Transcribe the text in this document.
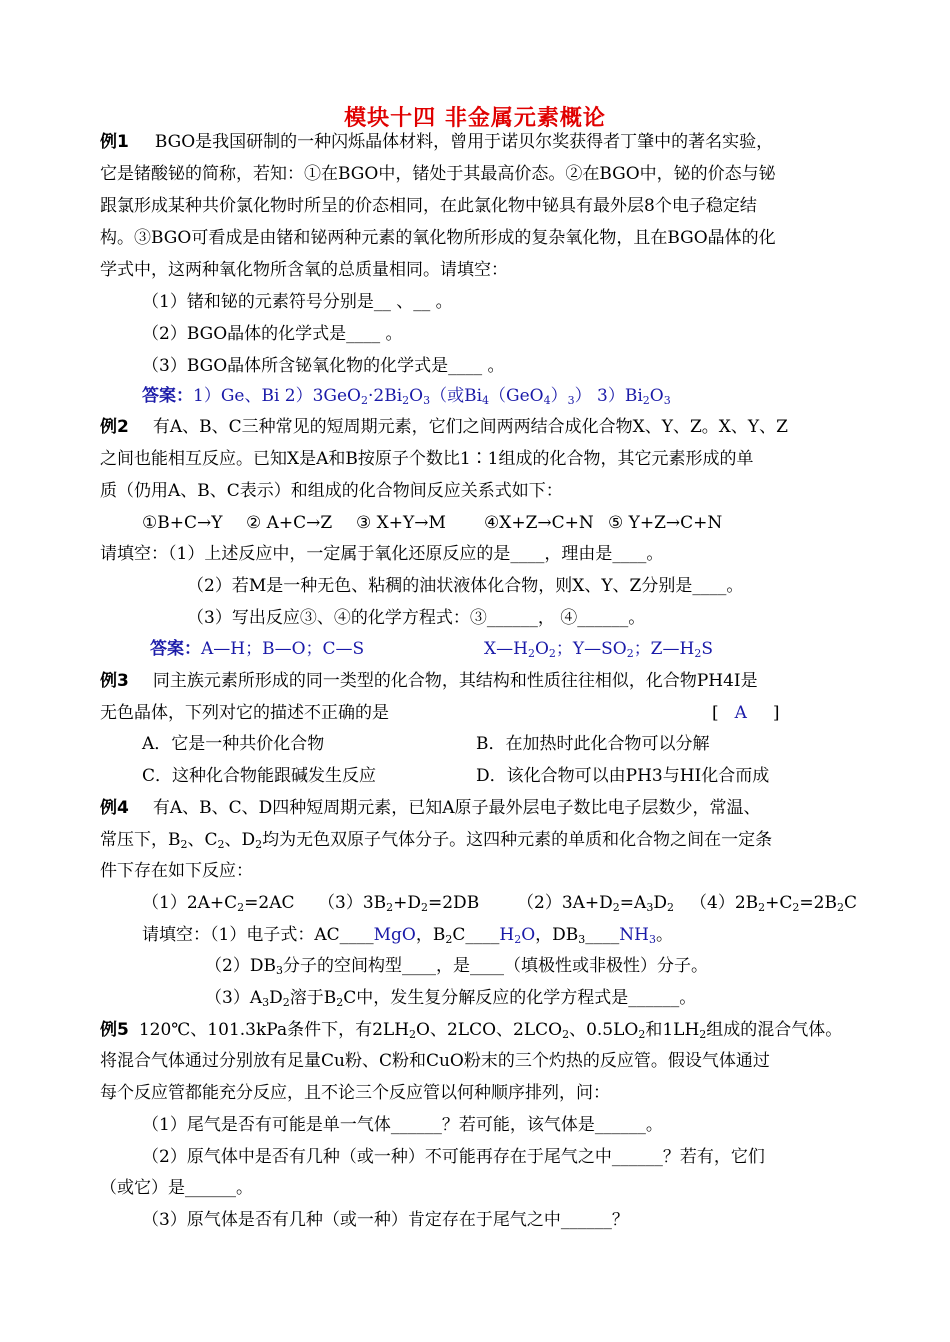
模块十四 非金属元素概论
例1 BGO是我国研制的一种闪烁晶体材料，曾用于诺贝尔奖获得者丁肇中的著名实验，
它是锗酸铋的简称，若知：①在BGO中，锗处于其最高价态。②在BGO中，铋的价态与铋
跟氯形成某种共价氯化物时所呈的价态相同，在此氯化物中铋具有最外层8个电子稳定结
构。③BGO可看成是由锗和铋两种元素的氧化物所形成的复杂氧化物，且在BGO晶体的化
学式中，这两种氧化物所含氧的总质量相同。请填空：
（1）锗和铋的元素符号分别是__ 、__ 。
（2）BGO晶体的化学式是____ 。
（3）BGO晶体所含铋氧化物的化学式是____ 。
答案：1）Ge、Bi $2)3GeO_2\cdot 2Bi_2O_3$（或$Bi_4(GeO_4)_3$） $3)Bi_2O_3$
例2 有A、B、C三种常见的短周期元素，它们之间两两结合成化合物X、Y、Z。X、Y、Z
之间也能相互反应。已知X是A和B按原子个数比1∶1组成的化合物，其它元素形成的单
质（仍用A、B、C表示）和组成的化合物间反应关系式如下：
①B+C→Y ② A+C→Z ③ X+Y→M ④X+Z→C+N ⑤ Y+Z→C+N
请填空：（1）上述反应中，一定属于氧化还原反应的是____，理由是____。
（2）若M是一种无色、粘稠的油状液体化合物，则X、Y、Z分别是____。
（3）写出反应③、④的化学方程式：③______， ④______。
答案：A—H；B—O；C—S	$X—H_2O_2$；$Y—SO_2$；$Z—H_2S$
例3 同主族元素所形成的同一类型的化合物，其结构和性质往往相似，化合物PH4I是
无色晶体，下列对它的描述不正确的是	[ A ]
A．它是一种共价化合物	B．在加热时此化合物可以分解
C．这种化合物能跟碱发生反应	D．该化合物可以由PH3与HI化合而成
例4 有A、B、C、D四种短周期元素，已知A原子最外层电子数比电子层数少，常温、
常压下，$B_2$、$C_2$、$D_2$均为无色双原子气体分子。这四种元素的单质和化合物之间在一定条
件下存在如下反应：
$(1)2A+C_2=2AC$ $(3)3B_2+D_2=2DB$ $(2)3A+D_2=A_3D_2$ $(4)2B_2+C_2=2B_2C$
请填空：（1）电子式：AC____MgO，$B_2C\_\_\_\_H_2O$，$DB_3\_\_\_\_NH_3$。
$(2)DB_3$分子的空间构型____，是____（填极性或非极性）分子。
$(3)A_3D_2$溶于$B_2C$中，发生复分解反应的化学方程式是______。
例5 120℃、101.3kPa条件下，有$2LH_2O$、2LCO、$2LCO_2$、$0.5LO_2$和$1LH_2$组成的混合气体。
将混合气体通过分别放有足量Cu粉、C粉和CuO粉末的三个灼热的反应管。假设气体通过
每个反应管都能充分反应，且不论三个反应管以何种顺序排列，问：
（1）尾气是否有可能是单一气体______？若可能，该气体是______。
（2）原气体中是否有几种（或一种）不可能再存在于尾气之中______？若有，它们
（或它）是______。
（3）原气体是否有几种（或一种）肯定存在于尾气之中______？
